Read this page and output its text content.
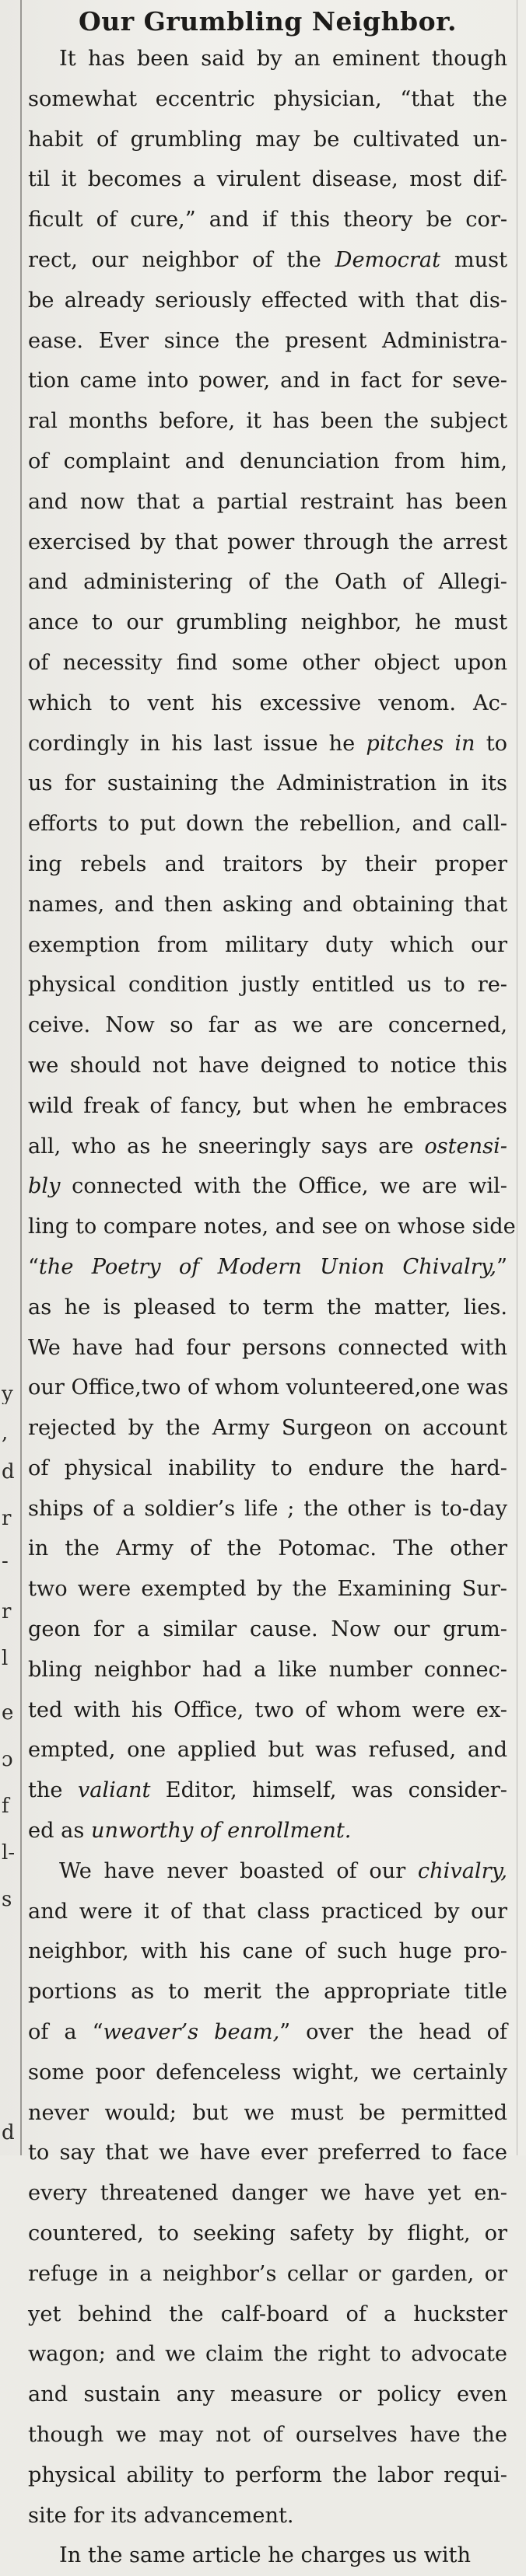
y
,
d
r
-
r
l
e
ɔ
f
l-
s
d
Our Grumbling Neighbor.
It has been said by an eminent though
somewhat eccentric physician, “that the
habit of grumbling may be cultivated un-
til it becomes a virulent disease, most dif-
ficult of cure,” and if this theory be cor-
rect, our neighbor of the Democrat must
be already seriously effected with that dis-
ease. Ever since the present Administra-
tion came into power, and in fact for seve-
ral months before, it has been the subject
of complaint and denunciation from him,
and now that a partial restraint has been
exercised by that power through the arrest
and administering of the Oath of Allegi-
ance to our grumbling neighbor, he must
of necessity find some other object upon
which to vent his excessive venom. Ac-
cordingly in his last issue he pitches in to
us for sustaining the Administration in its
efforts to put down the rebellion, and call-
ing rebels and traitors by their proper
names, and then asking and obtaining that
exemption from military duty which our
physical condition justly entitled us to re-
ceive. Now so far as we are concerned,
we should not have deigned to notice this
wild freak of fancy, but when he embraces
all, who as he sneeringly says are ostensi-
bly connected with the Office, we are wil-
ling to compare notes, and see on whose side
“the Poetry of Modern Union Chivalry,”
as he is pleased to term the matter, lies.
We have had four persons connected with
our Office,two of whom volunteered,one was
rejected by the Army Surgeon on account
of physical inability to endure the hard-
ships of a soldier’s life ; the other is to-day
in the Army of the Potomac. The other
two were exempted by the Examining Sur-
geon for a similar cause. Now our grum-
bling neighbor had a like number connec-
ted with his Office, two of whom were ex-
empted, one applied but was refused, and
the valiant Editor, himself, was consider-
ed as unworthy of enrollment.
We have never boasted of our chivalry,
and were it of that class practiced by our
neighbor, with his cane of such huge pro-
portions as to merit the appropriate title
of a “weaver’s beam,” over the head of
some poor defenceless wight, we certainly
never would; but we must be permitted
to say that we have ever preferred to face
every threatened danger we have yet en-
countered, to seeking safety by flight, or
refuge in a neighbor’s cellar or garden, or
yet behind the calf-board of a huckster
wagon; and we claim the right to advocate
and sustain any measure or policy even
though we may not of ourselves have the
physical ability to perform the labor requi-
site for its advancement.
In the same article he charges us with
